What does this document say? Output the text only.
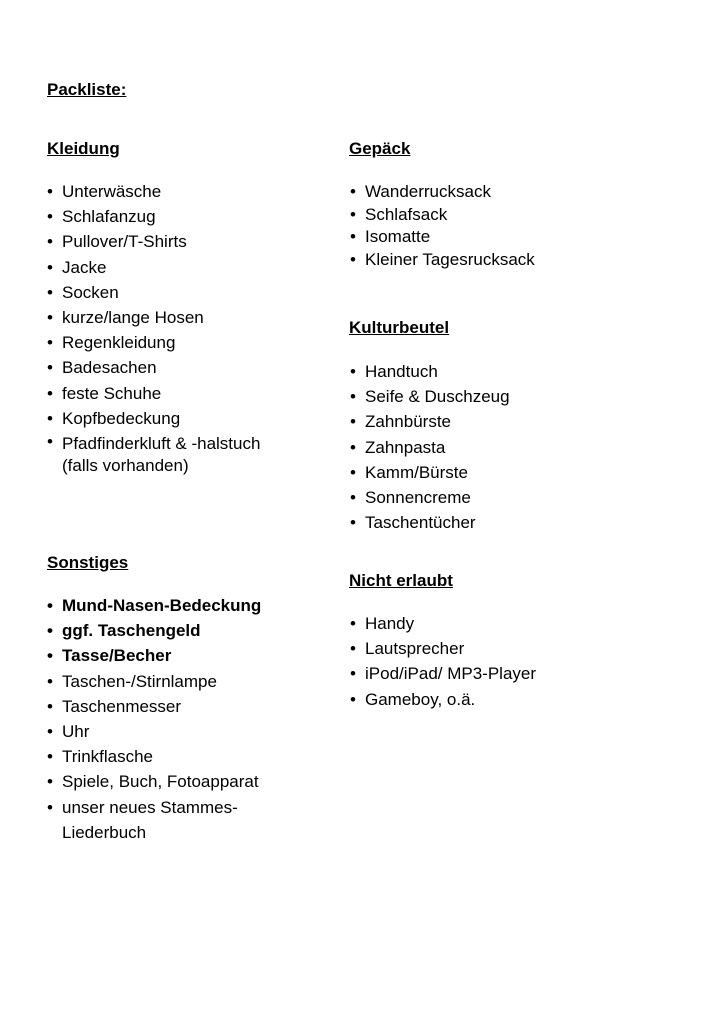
Packliste:
Kleidung
• Unterwäsche
• Schlafanzug
• Pullover/T-Shirts
• Jacke
• Socken
• kurze/lange Hosen
• Regenkleidung
• Badesachen
• feste Schuhe
• Kopfbedeckung
• Pfadfinderkluft & -halstuch
(falls vorhanden)
Sonstiges
• Mund-Nasen-Bedeckung
• ggf. Taschengeld
• Tasse/Becher
• Taschen-/Stirnlampe
• Taschenmesser
• Uhr
• Trinkflasche
• Spiele, Buch, Fotoapparat
• unser neues Stammes-
Liederbuch
Gepäck
• Wanderrucksack
• Schlafsack
• Isomatte
• Kleiner Tagesrucksack
Kulturbeutel
• Handtuch
• Seife & Duschzeug
• Zahnbürste
• Zahnpasta
• Kamm/Bürste
• Sonnencreme
• Taschentücher
Nicht erlaubt
• Handy
• Lautsprecher
• iPod/iPad/ MP3-Player
• Gameboy, o.ä.
